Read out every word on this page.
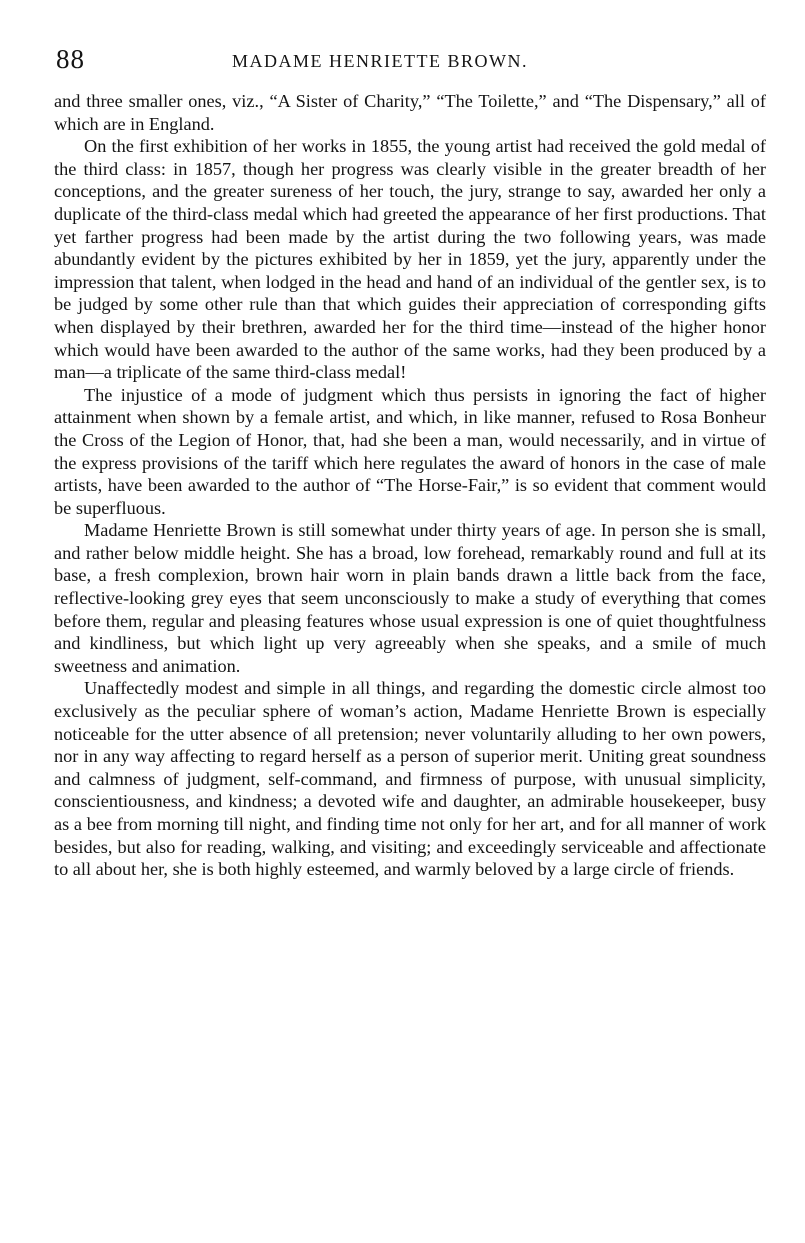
88	MADAME HENRIETTE BROWN.

and three smaller ones, viz., “A Sister of Charity,” “The Toilette,” and “The Dispensary,” all of which are in England.

On the first exhibition of her works in 1855, the young artist had received the gold medal of the third class: in 1857, though her progress was clearly visible in the greater breadth of her conceptions, and the greater sureness of her touch, the jury, strange to say, awarded her only a duplicate of the third-class medal which had greeted the appearance of her first productions. That yet farther progress had been made by the artist during the two following years, was made abundantly evident by the pictures exhibited by her in 1859, yet the jury, apparently under the impression that talent, when lodged in the head and hand of an individual of the gentler sex, is to be judged by some other rule than that which guides their appreciation of corresponding gifts when displayed by their brethren, awarded her for the third time—instead of the higher honor which would have been awarded to the author of the same works, had they been produced by a man—a triplicate of the same third-class medal!

The injustice of a mode of judgment which thus persists in ignoring the fact of higher attainment when shown by a female artist, and which, in like manner, refused to Rosa Bonheur the Cross of the Legion of Honor, that, had she been a man, would necessarily, and in virtue of the express provisions of the tariff which here regulates the award of honors in the case of male artists, have been awarded to the author of “The Horse-Fair,” is so evident that comment would be superfluous.

Madame Henriette Brown is still somewhat under thirty years of age. In person she is small, and rather below middle height. She has a broad, low forehead, remarkably round and full at its base, a fresh complexion, brown hair worn in plain bands drawn a little back from the face, reflective-looking grey eyes that seem unconsciously to make a study of everything that comes before them, regular and pleasing features whose usual expression is one of quiet thoughtfulness and kindliness, but which light up very agreeably when she speaks, and a smile of much sweetness and animation.

Unaffectedly modest and simple in all things, and regarding the domestic circle almost too exclusively as the peculiar sphere of woman’s action, Madame Henriette Brown is especially noticeable for the utter absence of all pretension; never voluntarily alluding to her own powers, nor in any way affecting to regard herself as a person of superior merit. Uniting great soundness and calmness of judgment, self-command, and firmness of purpose, with unusual simplicity, conscientiousness, and kindness; a devoted wife and daughter, an admirable housekeeper, busy as a bee from morning till night, and finding time not only for her art, and for all manner of work besides, but also for reading, walking, and visiting; and exceedingly serviceable and affectionate to all about her, she is both highly esteemed, and warmly beloved by a large circle of friends.
